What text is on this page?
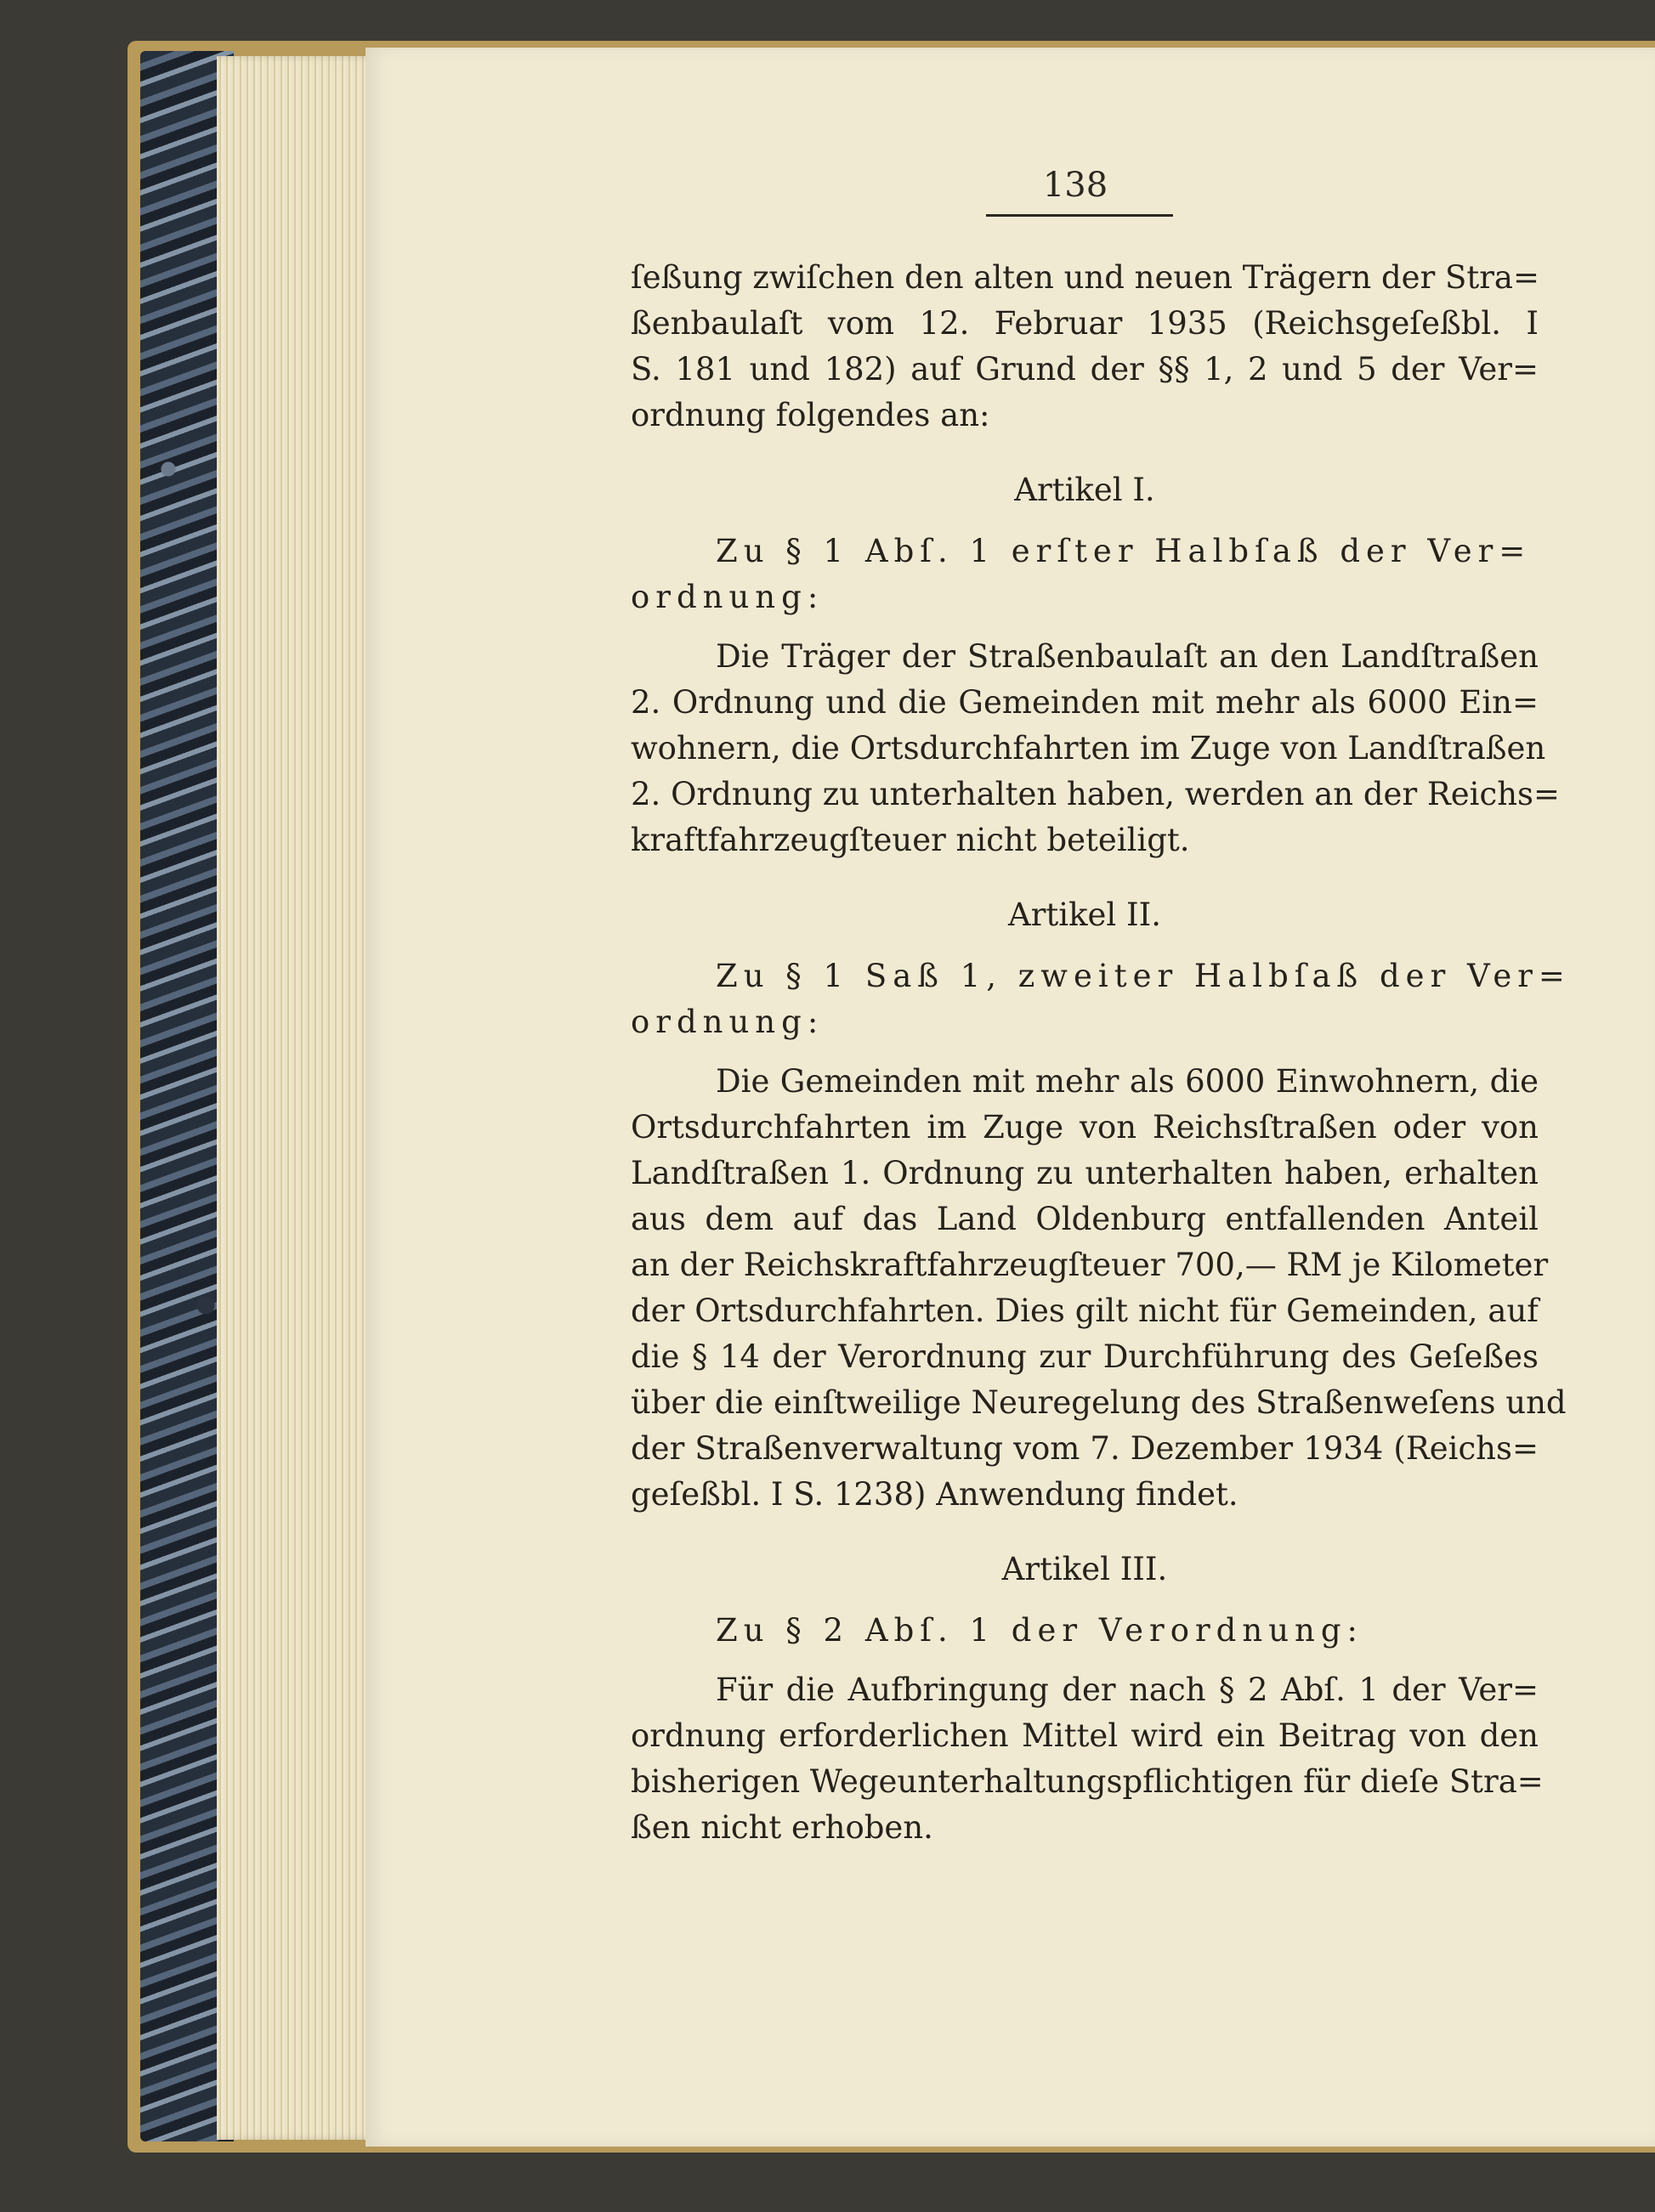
138
ſeßung zwiſchen den alten und neuen Trägern der Stra=
ßenbaulaſt vom 12. Februar 1935 (Reichsgeſeßbl. I
S. 181 und 182) auf Grund der §§ 1, 2 und 5 der Ver=
ordnung folgendes an:
Artikel I.
Zu § 1 Abſ. 1 erſter Halbſaß der Ver=
ordnung:
Die Träger der Straßenbaulaſt an den Landſtraßen
2. Ordnung und die Gemeinden mit mehr als 6000 Ein=
wohnern, die Ortsdurchfahrten im Zuge von Landſtraßen
2. Ordnung zu unterhalten haben, werden an der Reichs=
kraftfahrzeugſteuer nicht beteiligt.
Artikel II.
Zu § 1 Saß 1, zweiter Halbſaß der Ver=
ordnung:
Die Gemeinden mit mehr als 6000 Einwohnern, die
Ortsdurchfahrten im Zuge von Reichsſtraßen oder von
Landſtraßen 1. Ordnung zu unterhalten haben, erhalten
aus dem auf das Land Oldenburg entfallenden Anteil
an der Reichskraftfahrzeugſteuer 700,— RM je Kilometer
der Ortsdurchfahrten. Dies gilt nicht für Gemeinden, auf
die § 14 der Verordnung zur Durchführung des Geſeßes
über die einſtweilige Neuregelung des Straßenweſens und
der Straßenverwaltung vom 7. Dezember 1934 (Reichs=
geſeßbl. I S. 1238) Anwendung findet.
Artikel III.
Zu § 2 Abſ. 1 der Verordnung:
Für die Aufbringung der nach § 2 Abſ. 1 der Ver=
ordnung erforderlichen Mittel wird ein Beitrag von den
bisherigen Wegeunterhaltungspflichtigen für dieſe Stra=
ßen nicht erhoben.
